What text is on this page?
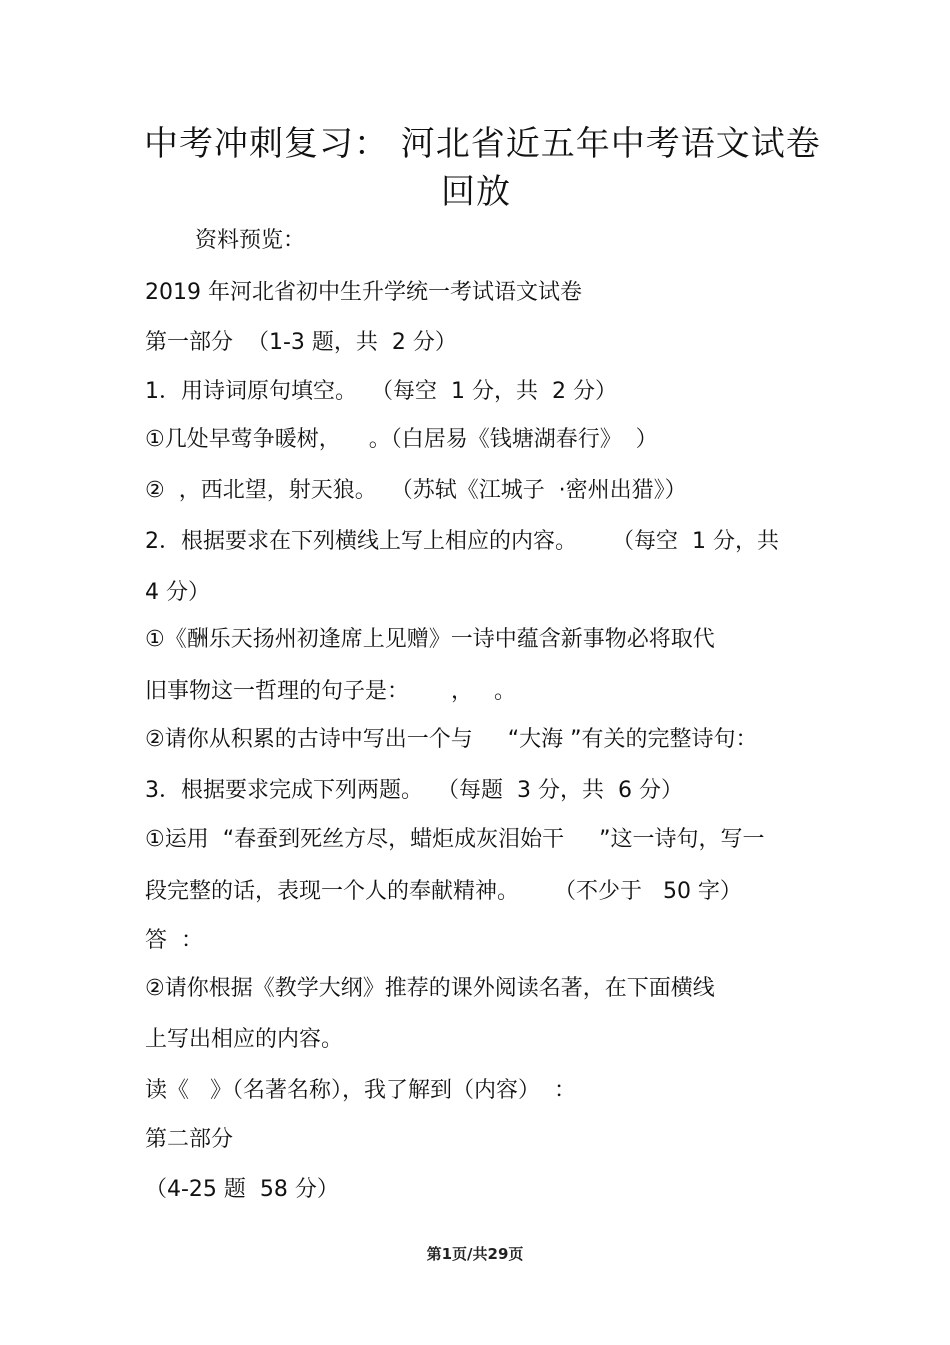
中考冲刺复习： 河北省近五年中考语文试卷
回放
资料预览：
2019 年河北省初中生升学统一考试语文试卷
第一部分  （1-3 题，共  2 分）
1．用诗词原句填空。  （每空  1 分，共  2 分）
①几处早莺争暖树，    。（白居易《钱塘湖春行》  ）
②  ，西北望，射天狼。  （苏轼《江城子  ·密州出猎》）
2．根据要求在下列横线上写上相应的内容。     （每空  1 分，共
4 分）
①《酬乐天扬州初逢席上见赠》一诗中蕴含新事物必将取代
旧事物这一哲理的句子是：      ，   。
②请你从积累的古诗中写出一个与     “大海 ”有关的完整诗句：
3．根据要求完成下列两题。  （每题  3 分，共  6 分）
①运用  “春蚕到死丝方尽，蜡炬成灰泪始干     ”这一诗句，写一
段完整的话，表现一个人的奉献精神。     （不少于   50 字）
答  ：
②请你根据《教学大纲》推荐的课外阅读名著，在下面横线
上写出相应的内容。
读《   》（名著名称），我了解到（内容）  ：
第二部分
（4-25 题  58 分）
第1页/共29页
